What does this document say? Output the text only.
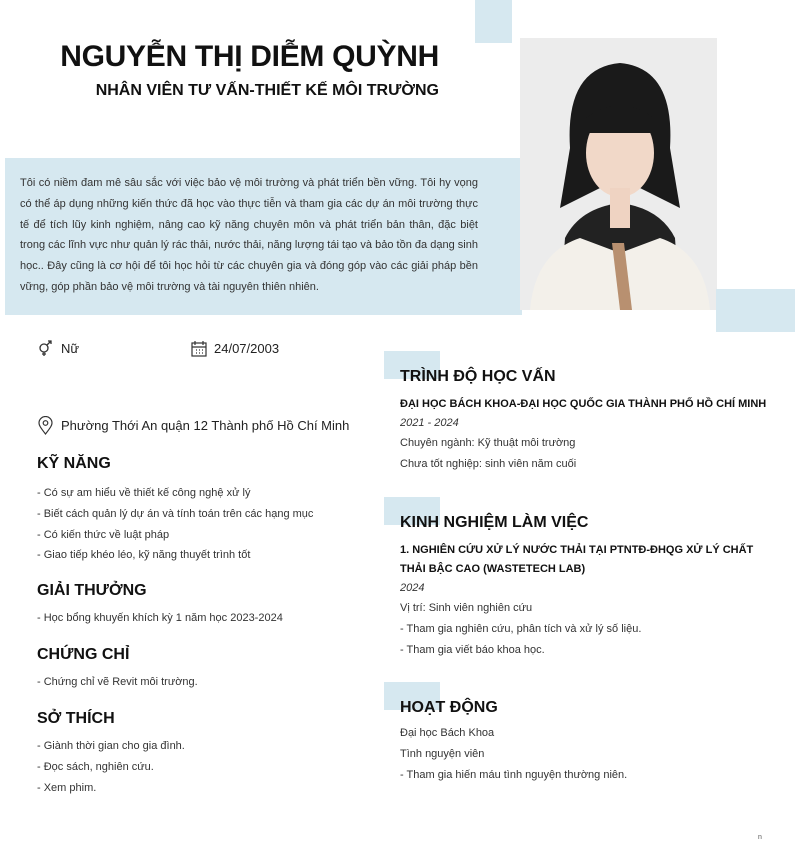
NGUYỄN THỊ DIỄM QUỲNH
NHÂN VIÊN TƯ VẤN-THIẾT KẾ MÔI TRƯỜNG

Tôi có niềm đam mê sâu sắc với việc bảo vệ môi trường và phát triển bền vững. Tôi hy vọng có thể áp dụng những kiến thức đã học vào thực tiễn và tham gia các dự án môi trường thực tế để tích lũy kinh nghiệm, nâng cao kỹ năng chuyên môn và phát triển bản thân, đặc biệt trong các lĩnh vực như quản lý rác thải, nước thải, năng lượng tái tạo và bảo tồn đa dạng sinh học.. Đây cũng là cơ hội để tôi học hỏi từ các chuyên gia và đóng góp vào các giải pháp bền vững, góp phần bảo vệ môi trường và tài nguyên thiên nhiên.

Nữ	24/07/2003
Phường Thới An quận 12 Thành phố Hồ Chí Minh
KỸ NĂNG
- Có sự am hiểu về thiết kế công nghệ xử lý
- Biết cách quản lý dự án và tính toán trên các hạng mục
- Có kiến thức về luật pháp
- Giao tiếp khéo léo, kỹ năng thuyết trình tốt
GIẢI THƯỞNG
- Học bổng khuyến khích kỳ 1 năm học 2023-2024
CHỨNG CHỈ
- Chứng chỉ vẽ Revit môi trường.
SỞ THÍCH
- Giành thời gian cho gia đình.
- Đọc sách, nghiên cứu.
- Xem phim.
TRÌNH ĐỘ HỌC VẤN
ĐẠI HỌC BÁCH KHOA-ĐẠI HỌC QUỐC GIA THÀNH PHỐ HỒ CHÍ MINH
2021 - 2024
Chuyên ngành: Kỹ thuật môi trường
Chưa tốt nghiệp: sinh viên năm cuối
KINH NGHIỆM LÀM VIỆC
1. NGHIÊN CỨU XỬ LÝ NƯỚC THẢI TẠI PTNTĐ-ĐHQG XỬ LÝ CHẤT THẢI BẬC CAO (WASTETECH LAB)
2024
Vị trí: Sinh viên nghiên cứu
- Tham gia nghiên cứu, phân tích và xử lý số liệu.
- Tham gia viết báo khoa học.
HOẠT ĐỘNG
Đại học Bách Khoa
Tình nguyện viên
- Tham gia hiến máu tình nguyện thường niên.
n
